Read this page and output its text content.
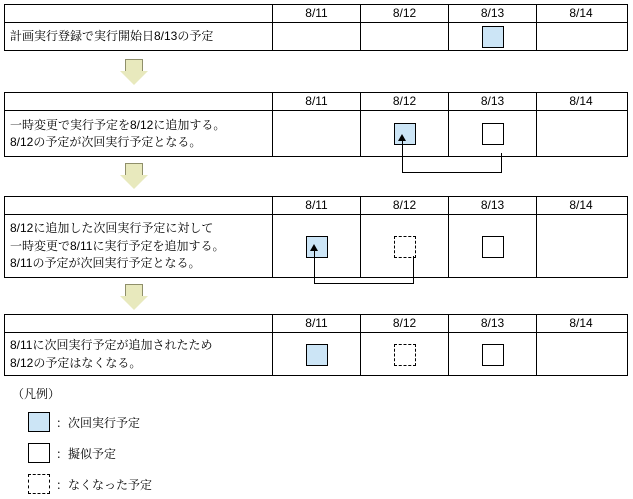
8/11	8/12	8/13	8/14
計画実行登録で実行開始日8/13の予定
8/11	8/12	8/13	8/14
一時変更で実行予定を8/12に追加する。
8/12の予定が次回実行予定となる。
8/11	8/12	8/13	8/14
8/12に追加した次回実行予定に対して
一時変更で8/11に実行予定を追加する。
8/11の予定が次回実行予定となる。
8/11	8/12	8/13	8/14
8/11に次回実行予定が追加されたため
8/12の予定はなくなる。
（凡例）
：次回実行予定
：擬似予定
：なくなった予定
